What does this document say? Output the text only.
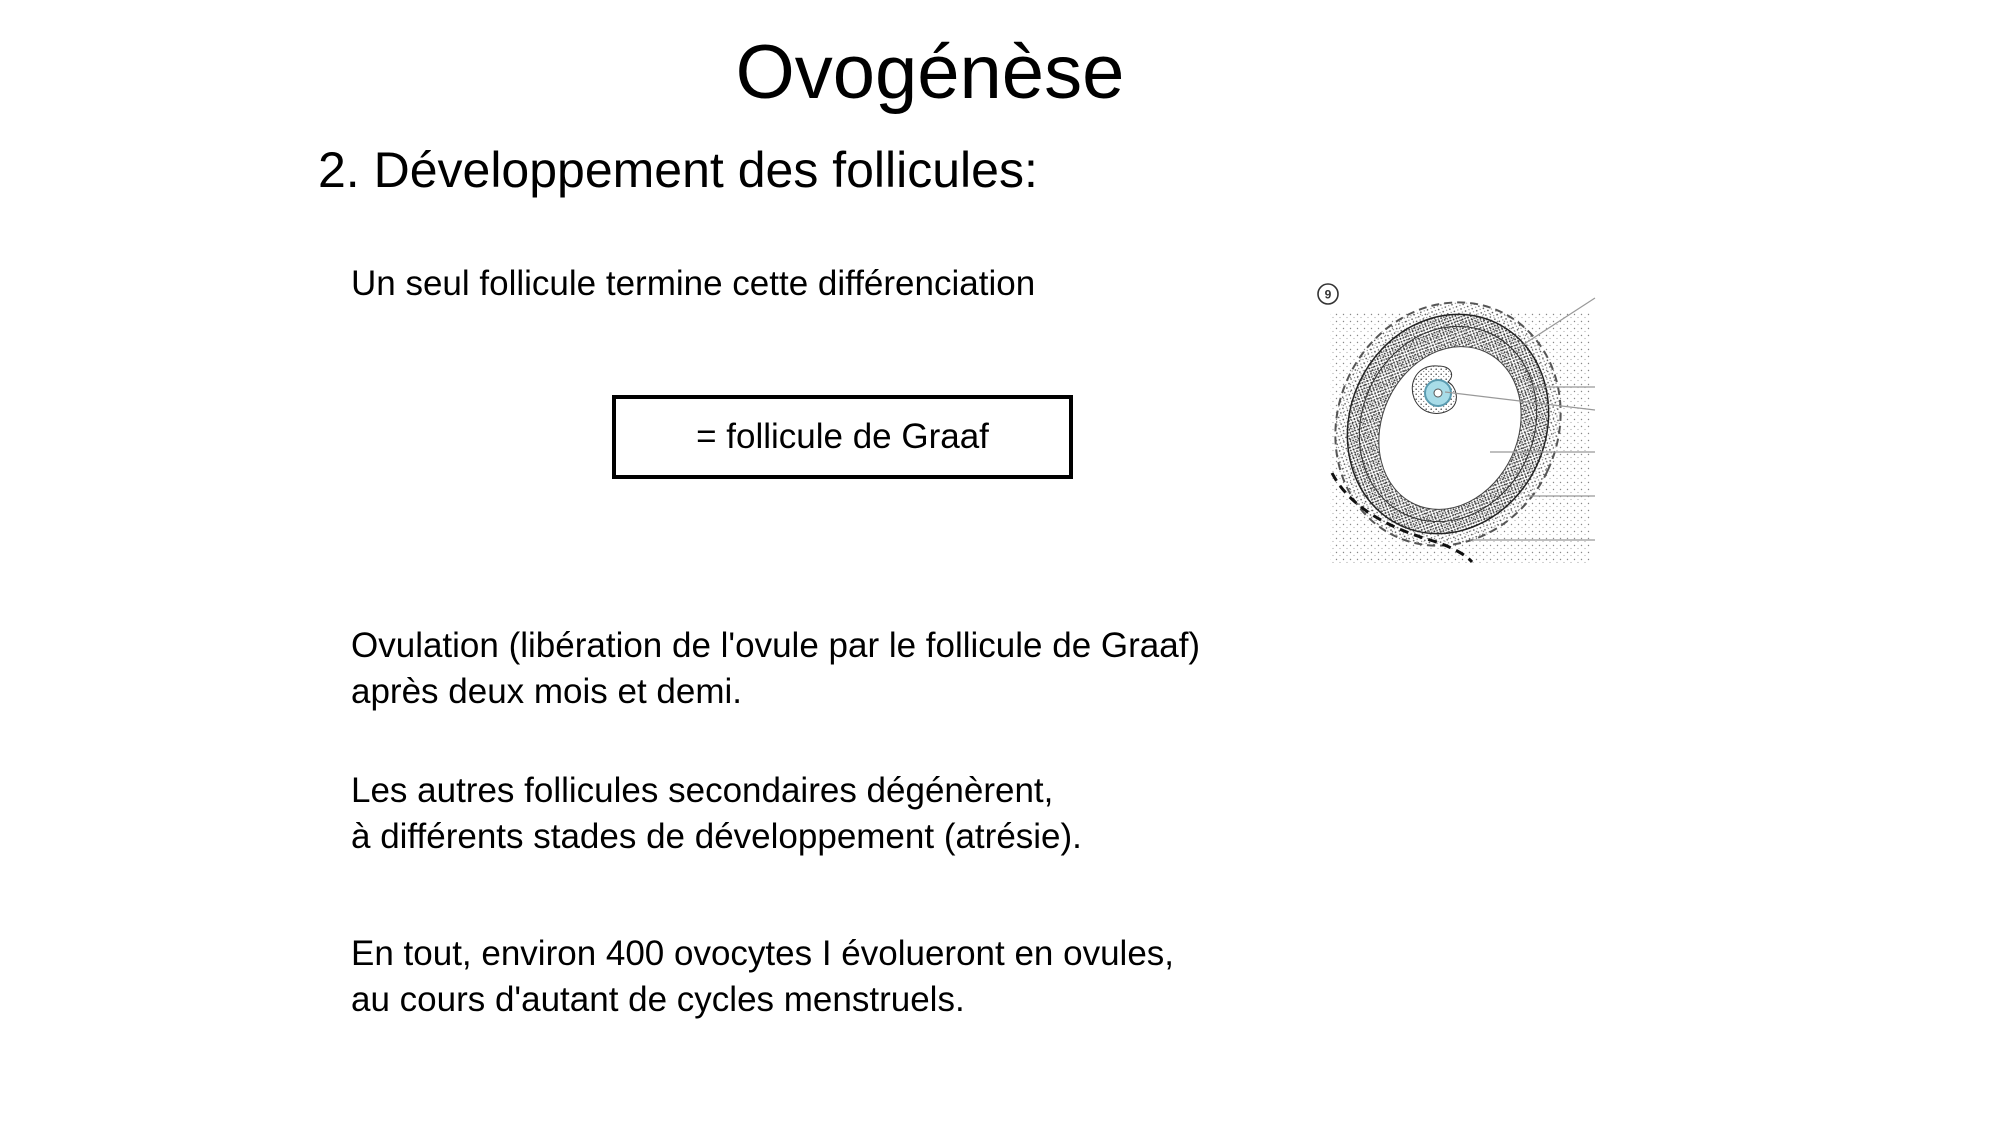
Ovogénèse
2. Développement des follicules:
Un seul follicule termine cette différenciation
= follicule de Graaf
Ovulation (libération de l'ovule par le follicule de Graaf)
après deux mois et demi.
Les autres follicules secondaires dégénèrent,
à différents stades de développement (atrésie).
En tout, environ 400 ovocytes I évolueront en ovules,
au cours d'autant de cycles menstruels.
9
